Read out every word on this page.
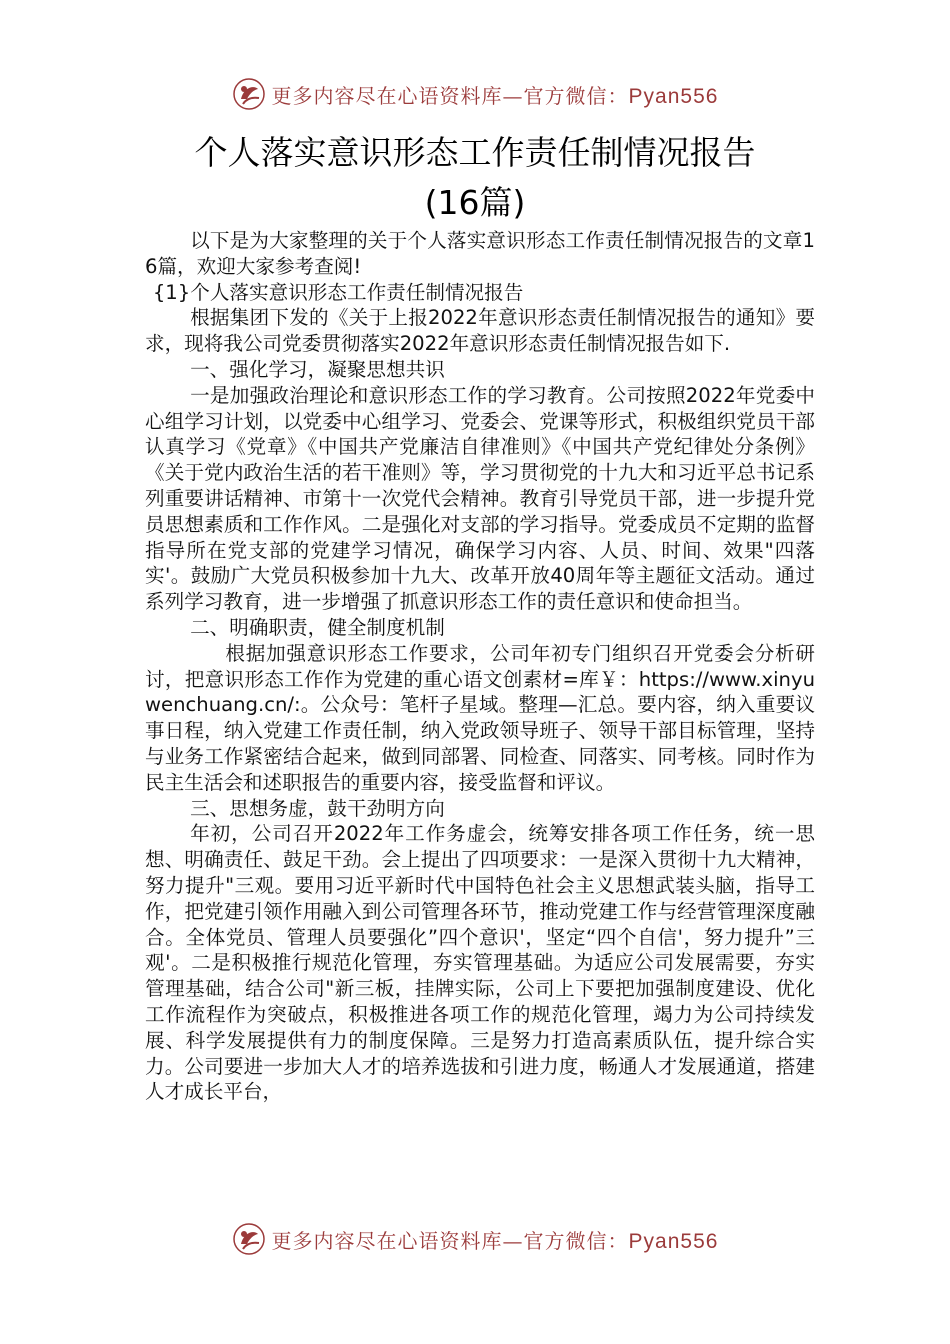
更多内容尽在心语资料库—官方微信：Pyan556
个人落实意识形态工作责任制情况报告
(16篇)

以下是为大家整理的关于个人落实意识形态工作责任制情况报告的文章16篇，欢迎大家参考查阅!

{1}个人落实意识形态工作责任制情况报告

根据集团下发的《关于上报2022年意识形态责任制情况报告的通知》要求，现将我公司党委贯彻落实2022年意识形态责任制情况报告如下.

一、强化学习，凝聚思想共识

一是加强政治理论和意识形态工作的学习教育。公司按照2022年党委中心组学习计划，以党委中心组学习、党委会、党课等形式，积极组织党员干部认真学习《党章》《中国共产党廉洁自律准则》《中国共产党纪律处分条例》《关于党内政治生活的若干准则》等，学习贯彻党的十九大和习近平总书记系列重要讲话精神、市第十一次党代会精神。教育引导党员干部，进一步提升党员思想素质和工作作风。二是强化对支部的学习指导。党委成员不定期的监督指导所在党支部的党建学习情况，确保学习内容、人员、时间、效果"四落实'。鼓励广大党员积极参加十九大、改革开放40周年等主题征文活动。通过系列学习教育，进一步增强了抓意识形态工作的责任意识和使命担当。

二、明确职责，健全制度机制

根据加强意识形态工作要求，公司年初专门组织召开党委会分析研讨，把意识形态工作作为党建的重心语文创素材=库￥：https://www.xinyuwenchuang.cn/:。公众号：笔杆子星域。整理—汇总。要内容，纳入重要议事日程，纳入党建工作责任制，纳入党政领导班子、领导干部目标管理，坚持与业务工作紧密结合起来，做到同部署、同检查、同落实、同考核。同时作为民主生活会和述职报告的重要内容，接受监督和评议。

三、思想务虚，鼓干劲明方向

年初，公司召开2022年工作务虚会，统筹安排各项工作任务，统一思想、明确责任、鼓足干劲。会上提出了四项要求：一是深入贯彻十九大精神，努力提升"三观。要用习近平新时代中国特色社会主义思想武装头脑，指导工作，把党建引领作用融入到公司管理各环节，推动党建工作与经营管理深度融合。全体党员、管理人员要强化”四个意识'，坚定“四个自信'，努力提升”三观'。二是积极推行规范化管理，夯实管理基础。为适应公司发展需要，夯实管理基础，结合公司"新三板，挂牌实际，公司上下要把加强制度建设、优化工作流程作为突破点，积极推进各项工作的规范化管理，竭力为公司持续发展、科学发展提供有力的制度保障。三是努力打造高素质队伍，提升综合实力。公司要进一步加大人才的培养选拔和引进力度，畅通人才发展通道，搭建人才成长平台，

更多内容尽在心语资料库—官方微信：Pyan556
